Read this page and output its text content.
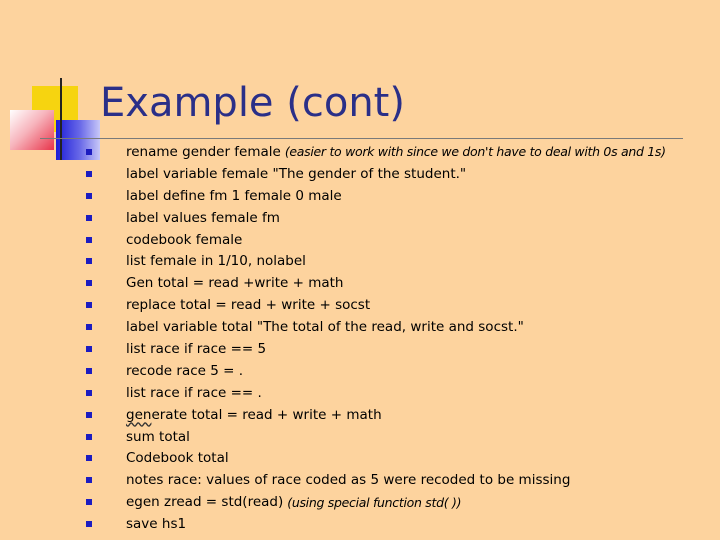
Example (cont)
rename gender female (easier to work with since we don't have to deal with 0s and 1s)
label variable female "The gender of the student."
label define fm 1 female 0 male
label values female fm
codebook female
list female in 1/10, nolabel
Gen total = read +write + math
replace total = read + write + socst
label variable total "The total of the read, write and socst."
list race if race == 5
recode race 5 = .
list race if race == .
generate total = read + write + math
sum total
Codebook total
notes race: values of race coded as 5 were recoded to be missing
egen zread = std(read) (using special function std( ))
save hs1
